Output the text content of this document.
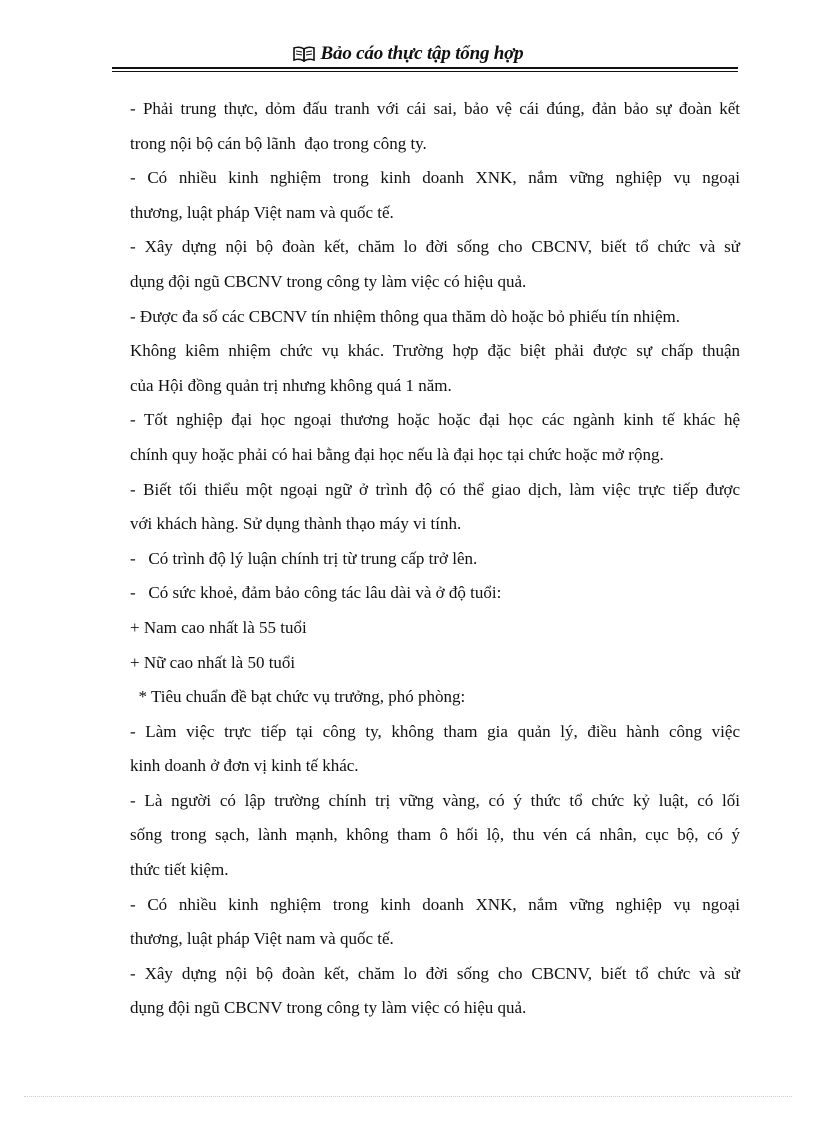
Bảo cáo thực tập tổng hợp
- Phải trung thực, dỏm đấu tranh với cái sai, bảo vệ cái đúng, đản bảo sự đoàn kết
trong nội bộ cán bộ lãnh  đạo trong công ty.
- Có nhiều kinh nghiệm trong kinh doanh XNK, nắm vững nghiệp vụ ngoại
thương, luật pháp Việt nam và quốc tế.
- Xây dựng nội bộ đoàn kết, chăm lo đời sống cho CBCNV, biết tổ chức và sử
dụng đội ngũ CBCNV trong công ty làm việc có hiệu quả.
- Được đa số các CBCNV tín nhiệm thông qua thăm dò hoặc bỏ phiếu tín nhiệm.
Không kiêm nhiệm chức vụ khác. Trường hợp đặc biệt phải được sự chấp thuận
của Hội đồng quản trị nhưng không quá 1 năm.
- Tốt nghiệp đại học ngoại thương hoặc hoặc đại học các ngành kinh tế khác hệ
chính quy hoặc phải có hai bằng đại học nếu là đại học tại chức hoặc mở rộng.
- Biết tối thiểu một ngoại ngữ ở trình độ có thể giao dịch, làm việc trực tiếp được
với khách hàng. Sử dụng thành thạo máy vi tính.
-   Có trình độ lý luận chính trị từ trung cấp trở lên.
-   Có sức khoẻ, đảm bảo công tác lâu dài và ở độ tuổi:
+ Nam cao nhất là 55 tuổi
+ Nữ cao nhất là 50 tuổi
* Tiêu chuẩn đề bạt chức vụ trưởng, phó phòng:
- Làm việc trực tiếp tại công ty, không tham gia quản lý, điều hành công việc
kinh doanh ở đơn vị kinh tế khác.
- Là người có lập trường chính trị vững vàng, có ý thức tổ chức kỷ luật, có lối
sống trong sạch, lành mạnh, không tham ô hối lộ, thu vén cá nhân, cục bộ, có ý
thức tiết kiệm.
- Có nhiều kinh nghiệm trong kinh doanh XNK, nắm vững nghiệp vụ ngoại
thương, luật pháp Việt nam và quốc tế.
- Xây dựng nội bộ đoàn kết, chăm lo đời sống cho CBCNV, biết tổ chức và sử
dụng đội ngũ CBCNV trong công ty làm việc có hiệu quả.
